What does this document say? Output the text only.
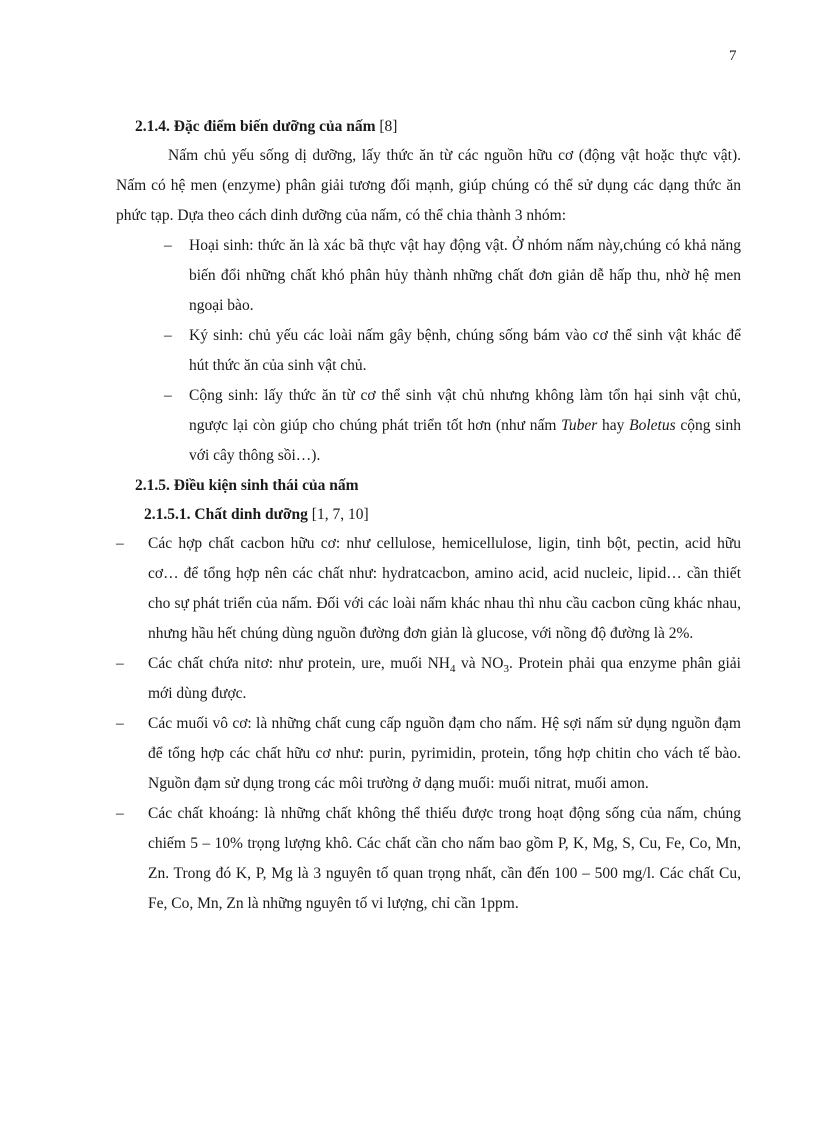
7

2.1.4. Đặc điểm biến dưỡng của nấm [8]

Nấm chủ yếu sống dị dưỡng, lấy thức ăn từ các nguồn hữu cơ (động vật hoặc thực vật). Nấm có hệ men (enzyme) phân giải tương đối mạnh, giúp chúng có thể sử dụng các dạng thức ăn phức tạp. Dựa theo cách dinh dưỡng của nấm, có thể chia thành 3 nhóm:

– Hoại sinh: thức ăn là xác bã thực vật hay động vật. Ở nhóm nấm này,chúng có khả năng biến đổi những chất khó phân hủy thành những chất đơn giản dễ hấp thu, nhờ hệ men ngoại bào.
– Ký sinh: chủ yếu các loài nấm gây bệnh, chúng sống bám vào cơ thể sinh vật khác để hút thức ăn của sinh vật chủ.
– Cộng sinh: lấy thức ăn từ cơ thể sinh vật chủ nhưng không làm tổn hại sinh vật chủ, ngược lại còn giúp cho chúng phát triển tốt hơn (như nấm Tuber hay Boletus cộng sinh với cây thông sồi…).

2.1.5. Điều kiện sinh thái của nấm

2.1.5.1. Chất dinh dưỡng [1, 7, 10]

– Các hợp chất cacbon hữu cơ: như cellulose, hemicellulose, ligin, tinh bột, pectin, acid hữu cơ… để tổng hợp nên các chất như: hydratcacbon, amino acid, acid nucleic, lipid… cần thiết cho sự phát triển của nấm. Đối với các loài nấm khác nhau thì nhu cầu cacbon cũng khác nhau, nhưng hầu hết chúng dùng nguồn đường đơn giản là glucose, với nồng độ đường là 2%.
– Các chất chứa nitơ: như protein, ure, muối $NH_4$ và $NO_3$. Protein phải qua enzyme phân giải mới dùng được.
– Các muối vô cơ: là những chất cung cấp nguồn đạm cho nấm. Hệ sợi nấm sử dụng nguồn đạm để tổng hợp các chất hữu cơ như: purin, pyrimidin, protein, tổng hợp chitin cho vách tế bào. Nguồn đạm sử dụng trong các môi trường ở dạng muối: muối nitrat, muối amon.
– Các chất khoáng: là những chất không thể thiếu được trong hoạt động sống của nấm, chúng chiếm 5 – 10% trọng lượng khô. Các chất cần cho nấm bao gồm P, K, Mg, S, Cu, Fe, Co, Mn, Zn. Trong đó K, P, Mg là 3 nguyên tố quan trọng nhất, cần đến 100 – 500 mg/l. Các chất Cu, Fe, Co, Mn, Zn là những nguyên tố vi lượng, chỉ cần 1ppm.
